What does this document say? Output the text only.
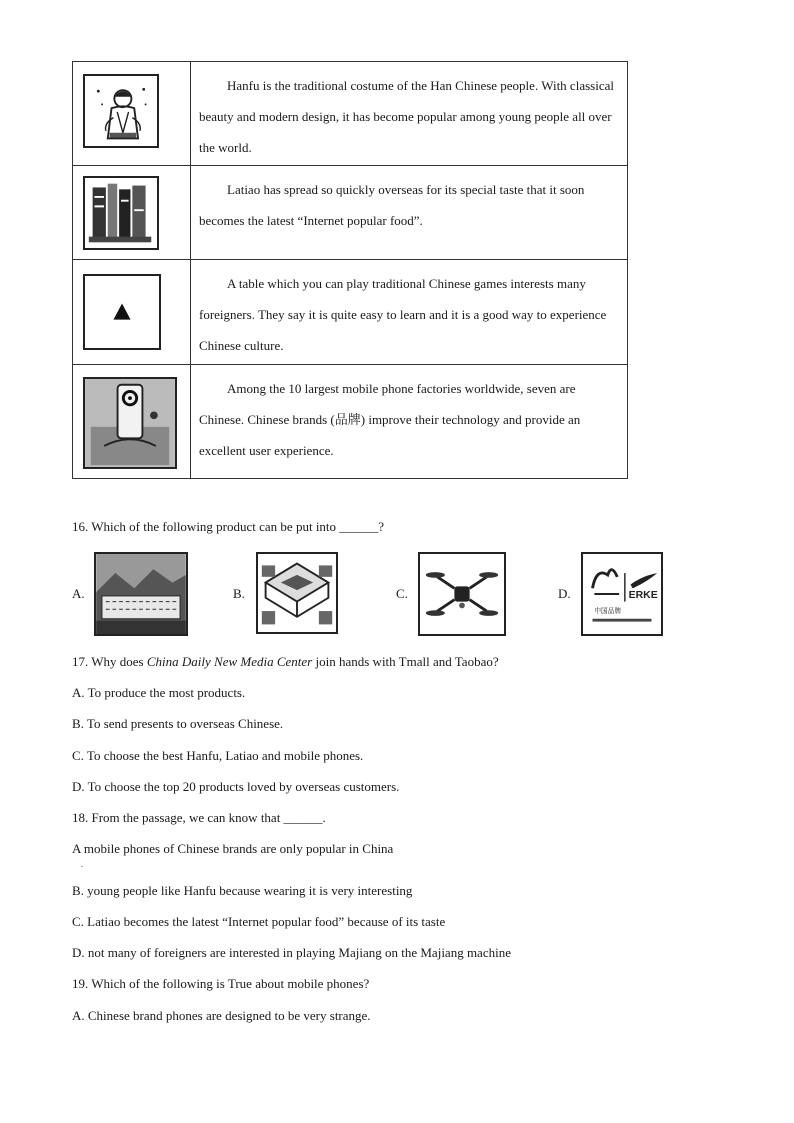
Hanfu is the traditional costume of the Han Chinese people. With classical beauty and modern design, it has become popular among young people all over the world.

Latiao has spread so quickly overseas for its special taste that it soon becomes the latest “Internet popular food”.

A table which you can play traditional Chinese games interests many foreigners. They say it is quite easy to learn and it is a good way to experience Chinese culture.

Among the 10 largest mobile phone factories worldwide, seven are Chinese. Chinese brands (品牌) improve their technology and provide an excellent user experience.

16. Which of the following product can be put into ______?
A.	B.	C.	D.	ERKE
中国品牌
17. Why does China Daily New Media Center join hands with Tmall and Taobao?
A. To produce the most products.
B. To send presents to overseas Chinese.
C. To choose the best Hanfu, Latiao and mobile phones.
D. To choose the top 20 products loved by overseas customers.
18. From the passage, we can know that ______.
A mobile phones of Chinese brands are only popular in China
.
B. young people like Hanfu because wearing it is very interesting
C. Latiao becomes the latest “Internet popular food” because of its taste
D. not many of foreigners are interested in playing Majiang on the Majiang machine
19. Which of the following is True about mobile phones?
A. Chinese brand phones are designed to be very strange.
